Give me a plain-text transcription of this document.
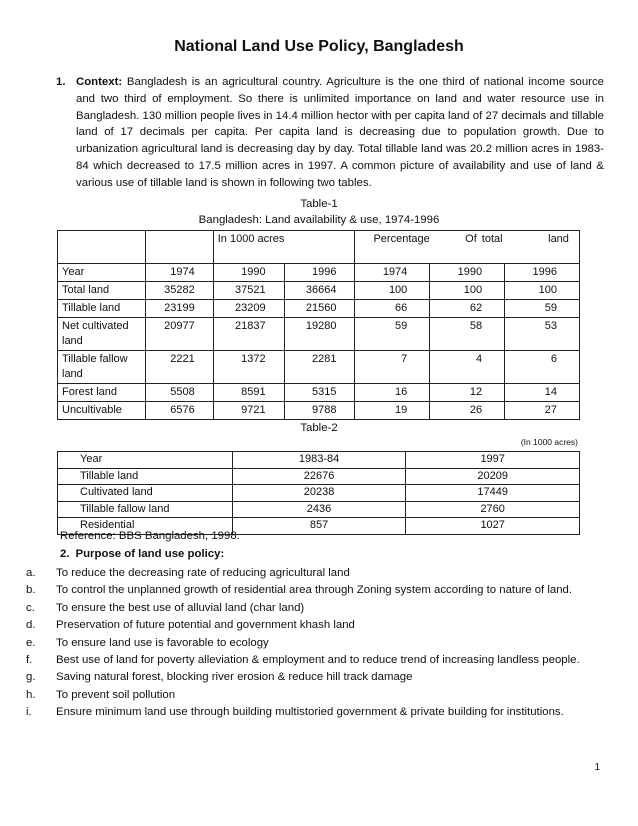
National Land Use Policy, Bangladesh
1. Context: Bangladesh is an agricultural country. Agriculture is the one third of national income source and two third of employment. So there is unlimited importance on land and water resource use in Bangladesh. 130 million people lives in 14.4 million hector with per capita land of 27 decimals and tillable land of 17 decimals per capita. Per capita land is decreasing due to population growth. Due to urbanization agricultural land is decreasing day by day. Total tillable land was 20.2 million acres in 1983-84 which decreased to 17.5 million acres in 1997. A common picture of availability and use of land & various use of tillable land is shown in following two tables.

Table-1
Bangladesh: Land availability & use, 1974-1996
		In 1000 acres		Percentage Of total land		
Year	1974	1990	1996	1974	1990	1996
Total land	35282	37521	36664	100	100	100
Tillable land	23199	23209	21560	66	62	59
Net cultivated land	20977	21837	19280	59	58	53
Tillable fallow land	2221	1372	2281	7	4	6
Forest land	5508	8591	5315	16	12	14
Uncultivable	6576	9721	9788	19	26	27
Table-2
(In 1000 acres)
Year	1983-84	1997
Tillable land	22676	20209
Cultivated land	20238	17449
Tillable fallow land	2436	2760
Residential	857	1027
Reference: BBS Bangladesh, 1998.
2. Purpose of land use policy:
a. To reduce the decreasing rate of reducing agricultural land
b. To control the unplanned growth of residential area through Zoning system according to nature of land.
c. To ensure the best use of alluvial land (char land)
d. Preservation of future potential and government khash land
e. To ensure land use is favorable to ecology
f. Best use of land for poverty alleviation & employment and to reduce trend of increasing landless people.
g. Saving natural forest, blocking river erosion & reduce hill track damage
h. To prevent soil pollution
i. Ensure minimum land use through building multistoried government & private building for institutions.
1
